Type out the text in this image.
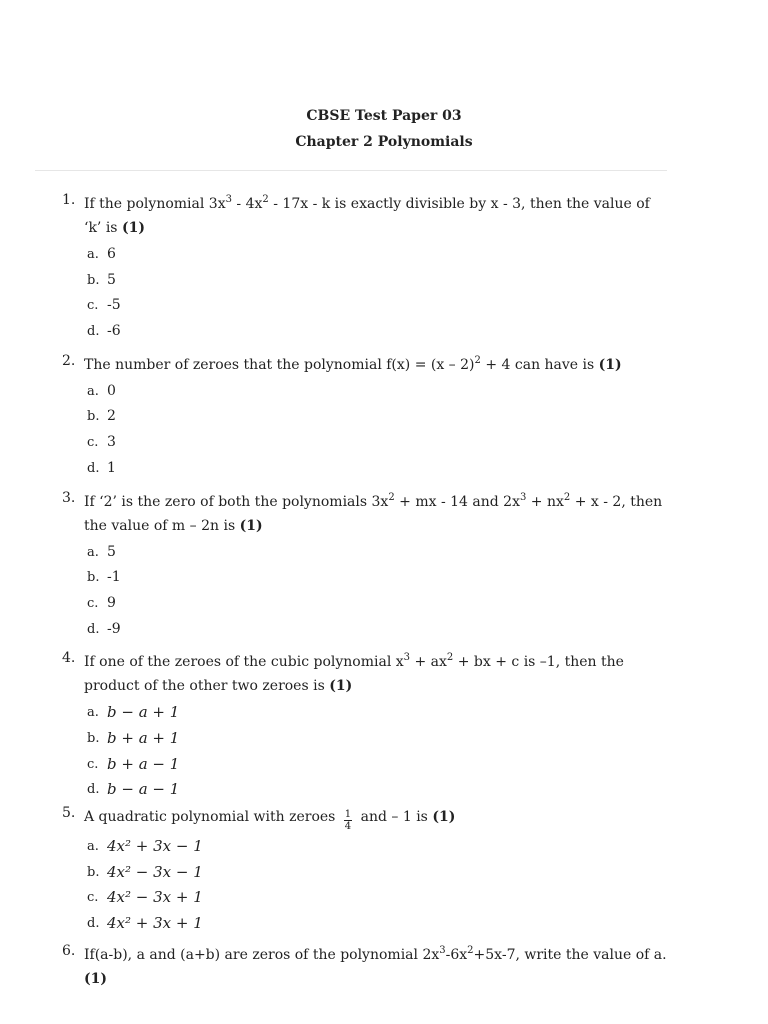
CBSE Test Paper 03
Chapter 2 Polynomials
1. If the polynomial $3x^3 - 4x^2 - 17x$ - k is exactly divisible by x - 3, then the value of ‘k’ is (1)
a. 6
b. 5
c. -5
d. -6
2. The number of zeroes that the polynomial f(x) = (x – 2)$^2$ + 4 can have is (1)
a. 0
b. 2
c. 3
d. 1
3. If ‘2’ is the zero of both the polynomials $3x^2$ + mx - 14 and $2x^3 + nx^2 + x - 2$, then the value of m – 2n is (1)
a. 5
b. -1
c. 9
d. -9
4. If one of the zeroes of the cubic polynomial $x^3 + ax^2$ + bx + c is –1, then the product of the other two zeroes is (1)
a. b − a + 1
b. b + a + 1
c. b + a − 1
d. b − a − 1
5. A quadratic polynomial with zeroes $\frac{1}{4}$ and – 1 is (1)
a. 4x² + 3x − 1
b. 4x² − 3x − 1
c. 4x² − 3x + 1
d. 4x² + 3x + 1
6. If(a-b), a and (a+b) are zeros of the polynomial $2x^3-6x^2+5x-7$, write the value of a. (1)
